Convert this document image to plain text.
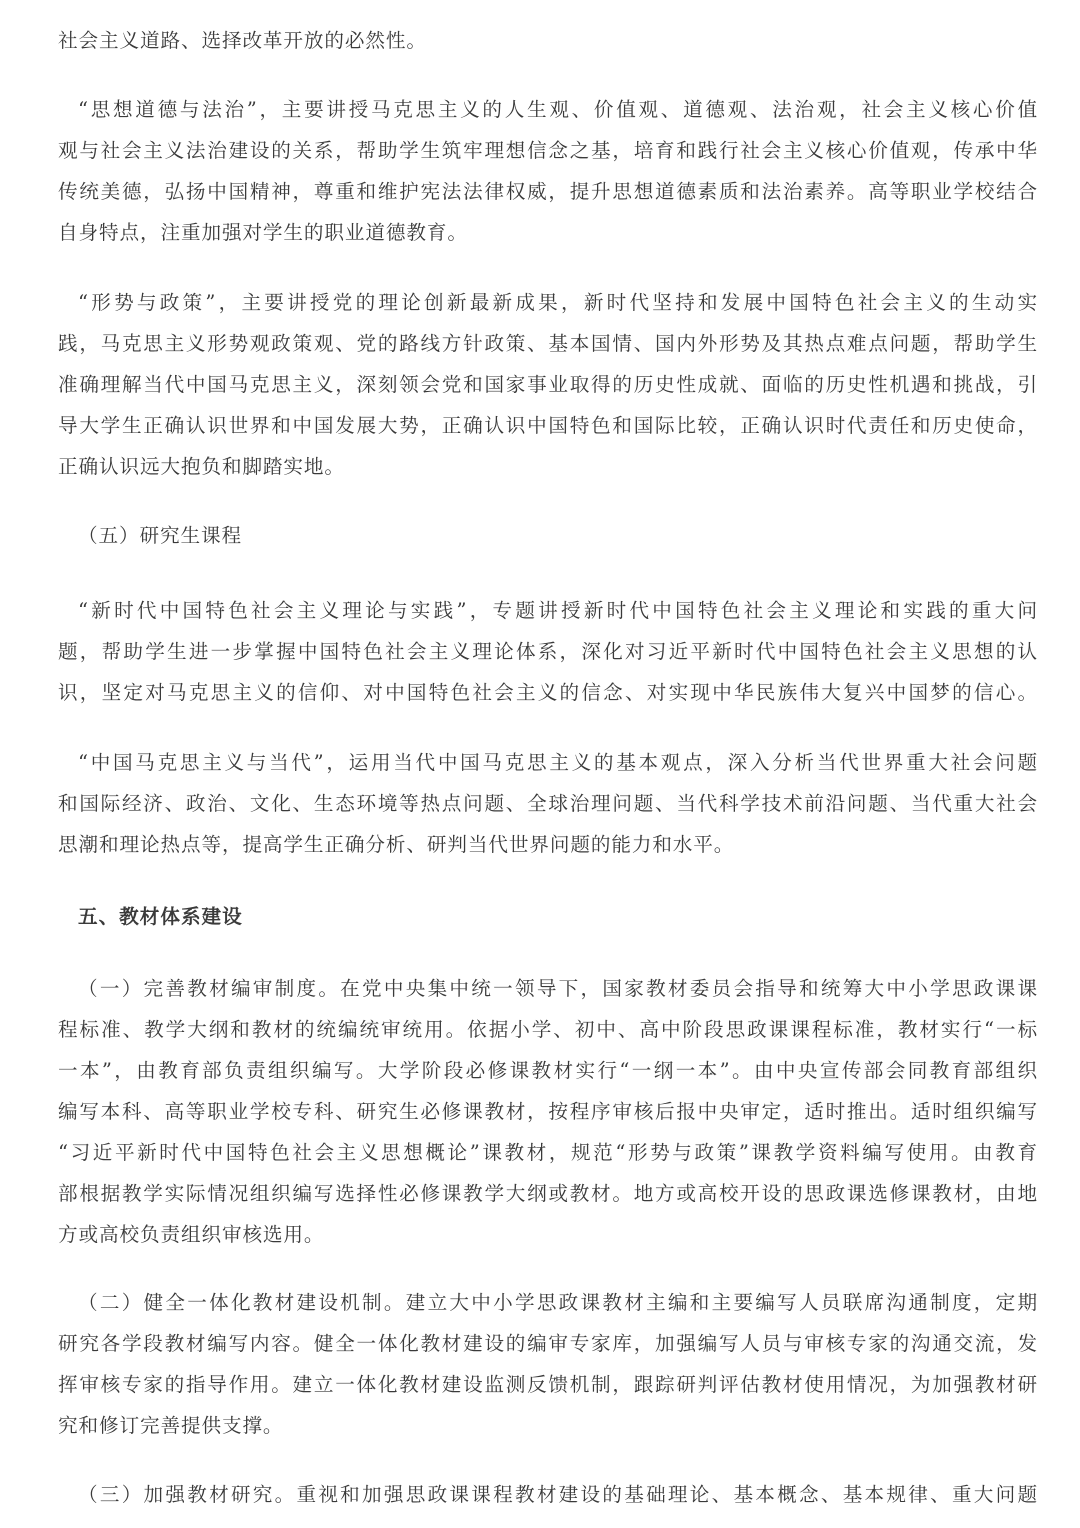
社会主义道路、选择改革开放的必然性。
“思想道德与法治”，主要讲授马克思主义的人生观、价值观、道德观、法治观，社会主义核心价值
观与社会主义法治建设的关系，帮助学生筑牢理想信念之基，培育和践行社会主义核心价值观，传承中华
传统美德，弘扬中国精神，尊重和维护宪法法律权威，提升思想道德素质和法治素养。高等职业学校结合
自身特点，注重加强对学生的职业道德教育。
“形势与政策”，主要讲授党的理论创新最新成果，新时代坚持和发展中国特色社会主义的生动实
践，马克思主义形势观政策观、党的路线方针政策、基本国情、国内外形势及其热点难点问题，帮助学生
准确理解当代中国马克思主义，深刻领会党和国家事业取得的历史性成就、面临的历史性机遇和挑战，引
导大学生正确认识世界和中国发展大势，正确认识中国特色和国际比较，正确认识时代责任和历史使命，
正确认识远大抱负和脚踏实地。
（五）研究生课程
“新时代中国特色社会主义理论与实践”，专题讲授新时代中国特色社会主义理论和实践的重大问
题，帮助学生进一步掌握中国特色社会主义理论体系，深化对习近平新时代中国特色社会主义思想的认
识，坚定对马克思主义的信仰、对中国特色社会主义的信念、对实现中华民族伟大复兴中国梦的信心。
“中国马克思主义与当代”，运用当代中国马克思主义的基本观点，深入分析当代世界重大社会问题
和国际经济、政治、文化、生态环境等热点问题、全球治理问题、当代科学技术前沿问题、当代重大社会
思潮和理论热点等，提高学生正确分析、研判当代世界问题的能力和水平。
五、教材体系建设
（一）完善教材编审制度。在党中央集中统一领导下，国家教材委员会指导和统筹大中小学思政课课
程标准、教学大纲和教材的统编统审统用。依据小学、初中、高中阶段思政课课程标准，教材实行“一标
一本”，由教育部负责组织编写。大学阶段必修课教材实行“一纲一本”。由中央宣传部会同教育部组织
编写本科、高等职业学校专科、研究生必修课教材，按程序审核后报中央审定，适时推出。适时组织编写
“习近平新时代中国特色社会主义思想概论”课教材，规范“形势与政策”课教学资料编写使用。由教育
部根据教学实际情况组织编写选择性必修课教学大纲或教材。地方或高校开设的思政课选修课教材，由地
方或高校负责组织审核选用。
（二）健全一体化教材建设机制。建立大中小学思政课教材主编和主要编写人员联席沟通制度，定期
研究各学段教材编写内容。健全一体化教材建设的编审专家库，加强编写人员与审核专家的沟通交流，发
挥审核专家的指导作用。建立一体化教材建设监测反馈机制，跟踪研判评估教材使用情况，为加强教材研
究和修订完善提供支撑。
（三）加强教材研究。重视和加强思政课课程教材建设的基础理论、基本概念、基本规律、重大问题
